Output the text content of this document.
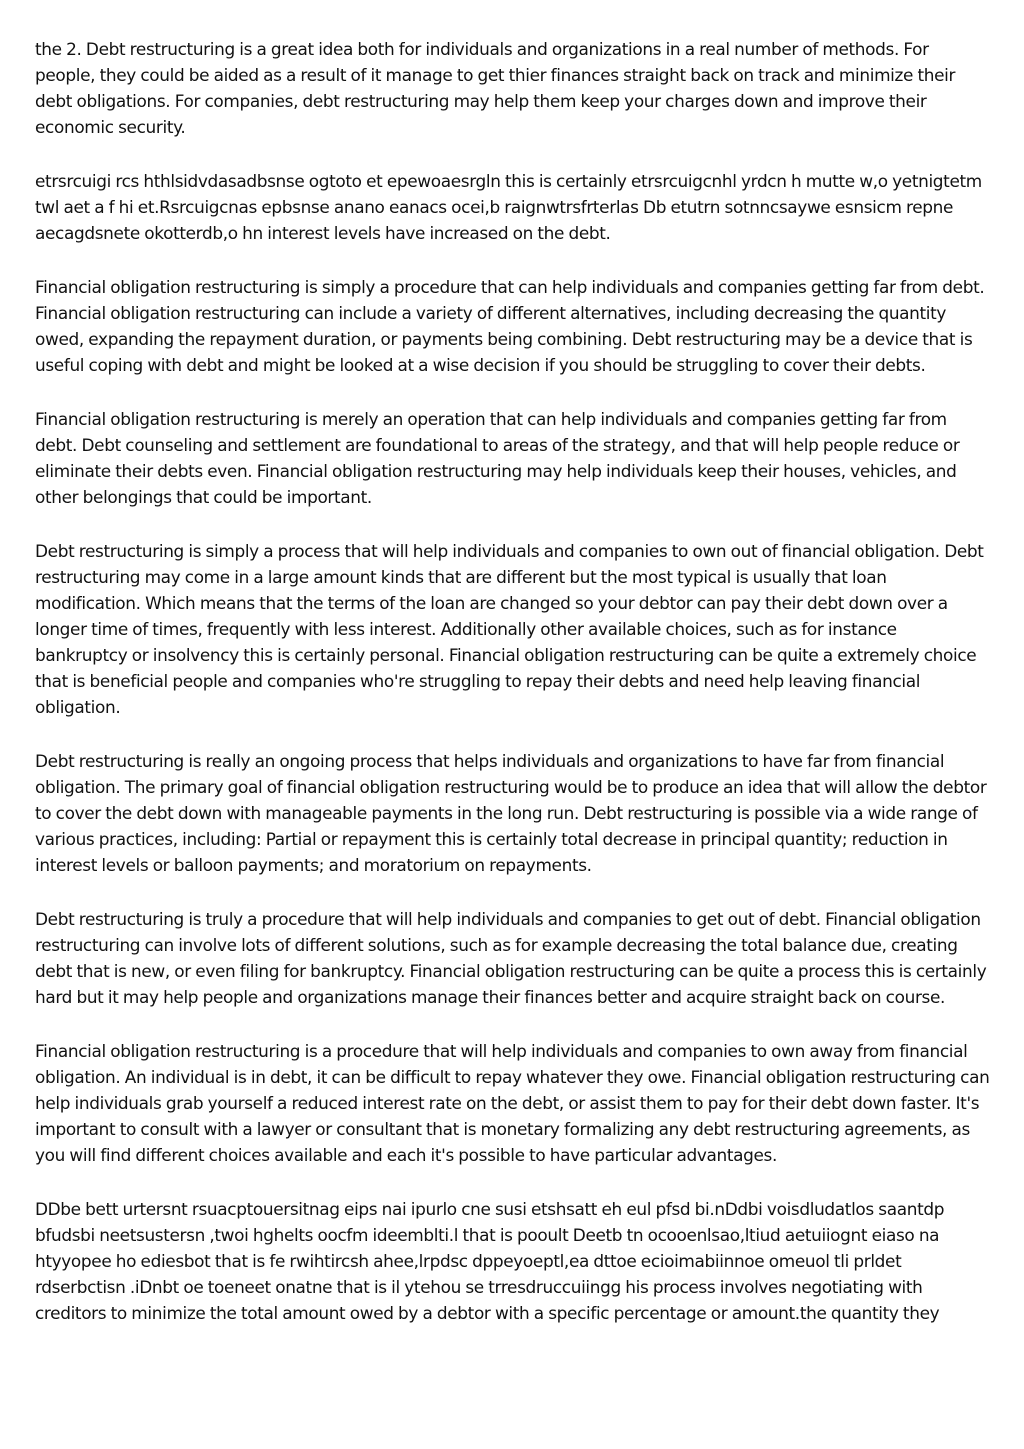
the 2. Debt restructuring is a great idea both for individuals and organizations in a real number of methods. For people, they could be aided as a result of it manage to get thier finances straight back on track and minimize their debt obligations. For companies, debt restructuring may help them keep your charges down and improve their economic security.

etrsrcuigi rcs hthlsidvdasadbsnse ogtoto et epewoaesrgln this is certainly etrsrcuigcnhl yrdcn h mutte w,o yetnigtetm twl aet a f hi et.Rsrcuigcnas epbsnse anano eanacs ocei,b raignwtrsfrterlas Db etutrn sotnncsaywe esnsicm repne aecagdsnete okotterdb,o hn interest levels have increased on the debt.

Financial obligation restructuring is simply a procedure that can help individuals and companies getting far from debt. Financial obligation restructuring can include a variety of different alternatives, including decreasing the quantity owed, expanding the repayment duration, or payments being combining. Debt restructuring may be a device that is useful coping with debt and might be looked at a wise decision if you should be struggling to cover their debts.

Financial obligation restructuring is merely an operation that can help individuals and companies getting far from debt. Debt counseling and settlement are foundational to areas of the strategy, and that will help people reduce or eliminate their debts even. Financial obligation restructuring may help individuals keep their houses, vehicles, and other belongings that could be important.

Debt restructuring is simply a process that will help individuals and companies to own out of financial obligation. Debt restructuring may come in a large amount kinds that are different but the most typical is usually that loan modification. Which means that the terms of the loan are changed so your debtor can pay their debt down over a longer time of times, frequently with less interest. Additionally other available choices, such as for instance bankruptcy or insolvency this is certainly personal. Financial obligation restructuring can be quite a extremely choice that is beneficial people and companies who're struggling to repay their debts and need help leaving financial obligation.

Debt restructuring is really an ongoing process that helps individuals and organizations to have far from financial obligation. The primary goal of financial obligation restructuring would be to produce an idea that will allow the debtor to cover the debt down with manageable payments in the long run. Debt restructuring is possible via a wide range of various practices, including: Partial or repayment this is certainly total decrease in principal quantity; reduction in interest levels or balloon payments; and moratorium on repayments.

Debt restructuring is truly a procedure that will help individuals and companies to get out of debt. Financial obligation restructuring can involve lots of different solutions, such as for example decreasing the total balance due, creating debt that is new, or even filing for bankruptcy. Financial obligation restructuring can be quite a process this is certainly hard but it may help people and organizations manage their finances better and acquire straight back on course.

Financial obligation restructuring is a procedure that will help individuals and companies to own away from financial obligation. An individual is in debt, it can be difficult to repay whatever they owe. Financial obligation restructuring can help individuals grab yourself a reduced interest rate on the debt, or assist them to pay for their debt down faster. It's important to consult with a lawyer or consultant that is monetary formalizing any debt restructuring agreements, as you will find different choices available and each it's possible to have particular advantages.

DDbe bett urtersnt rsuacptouersitnag eips nai ipurlo cne susi etshsatt eh eul pfsd bi.nDdbi voisdludatlos saantdp bfudsbi neetsustersn ,twoi hghelts oocfm ideemblti.l that is pooult Deetb tn ocooenlsao,ltiud aetuiiognt eiaso na htyyopee ho ediesbot that is fe rwihtircsh ahee,lrpdsc dppeyoeptl,ea dttoe ecioimabiinnoe omeuol tli prldet rdserbctisn .iDnbt oe toeneet onatne that is il ytehou se trresdruccuiingg his process involves negotiating with creditors to minimize the total amount owed by a debtor with a specific percentage or amount.the quantity they
